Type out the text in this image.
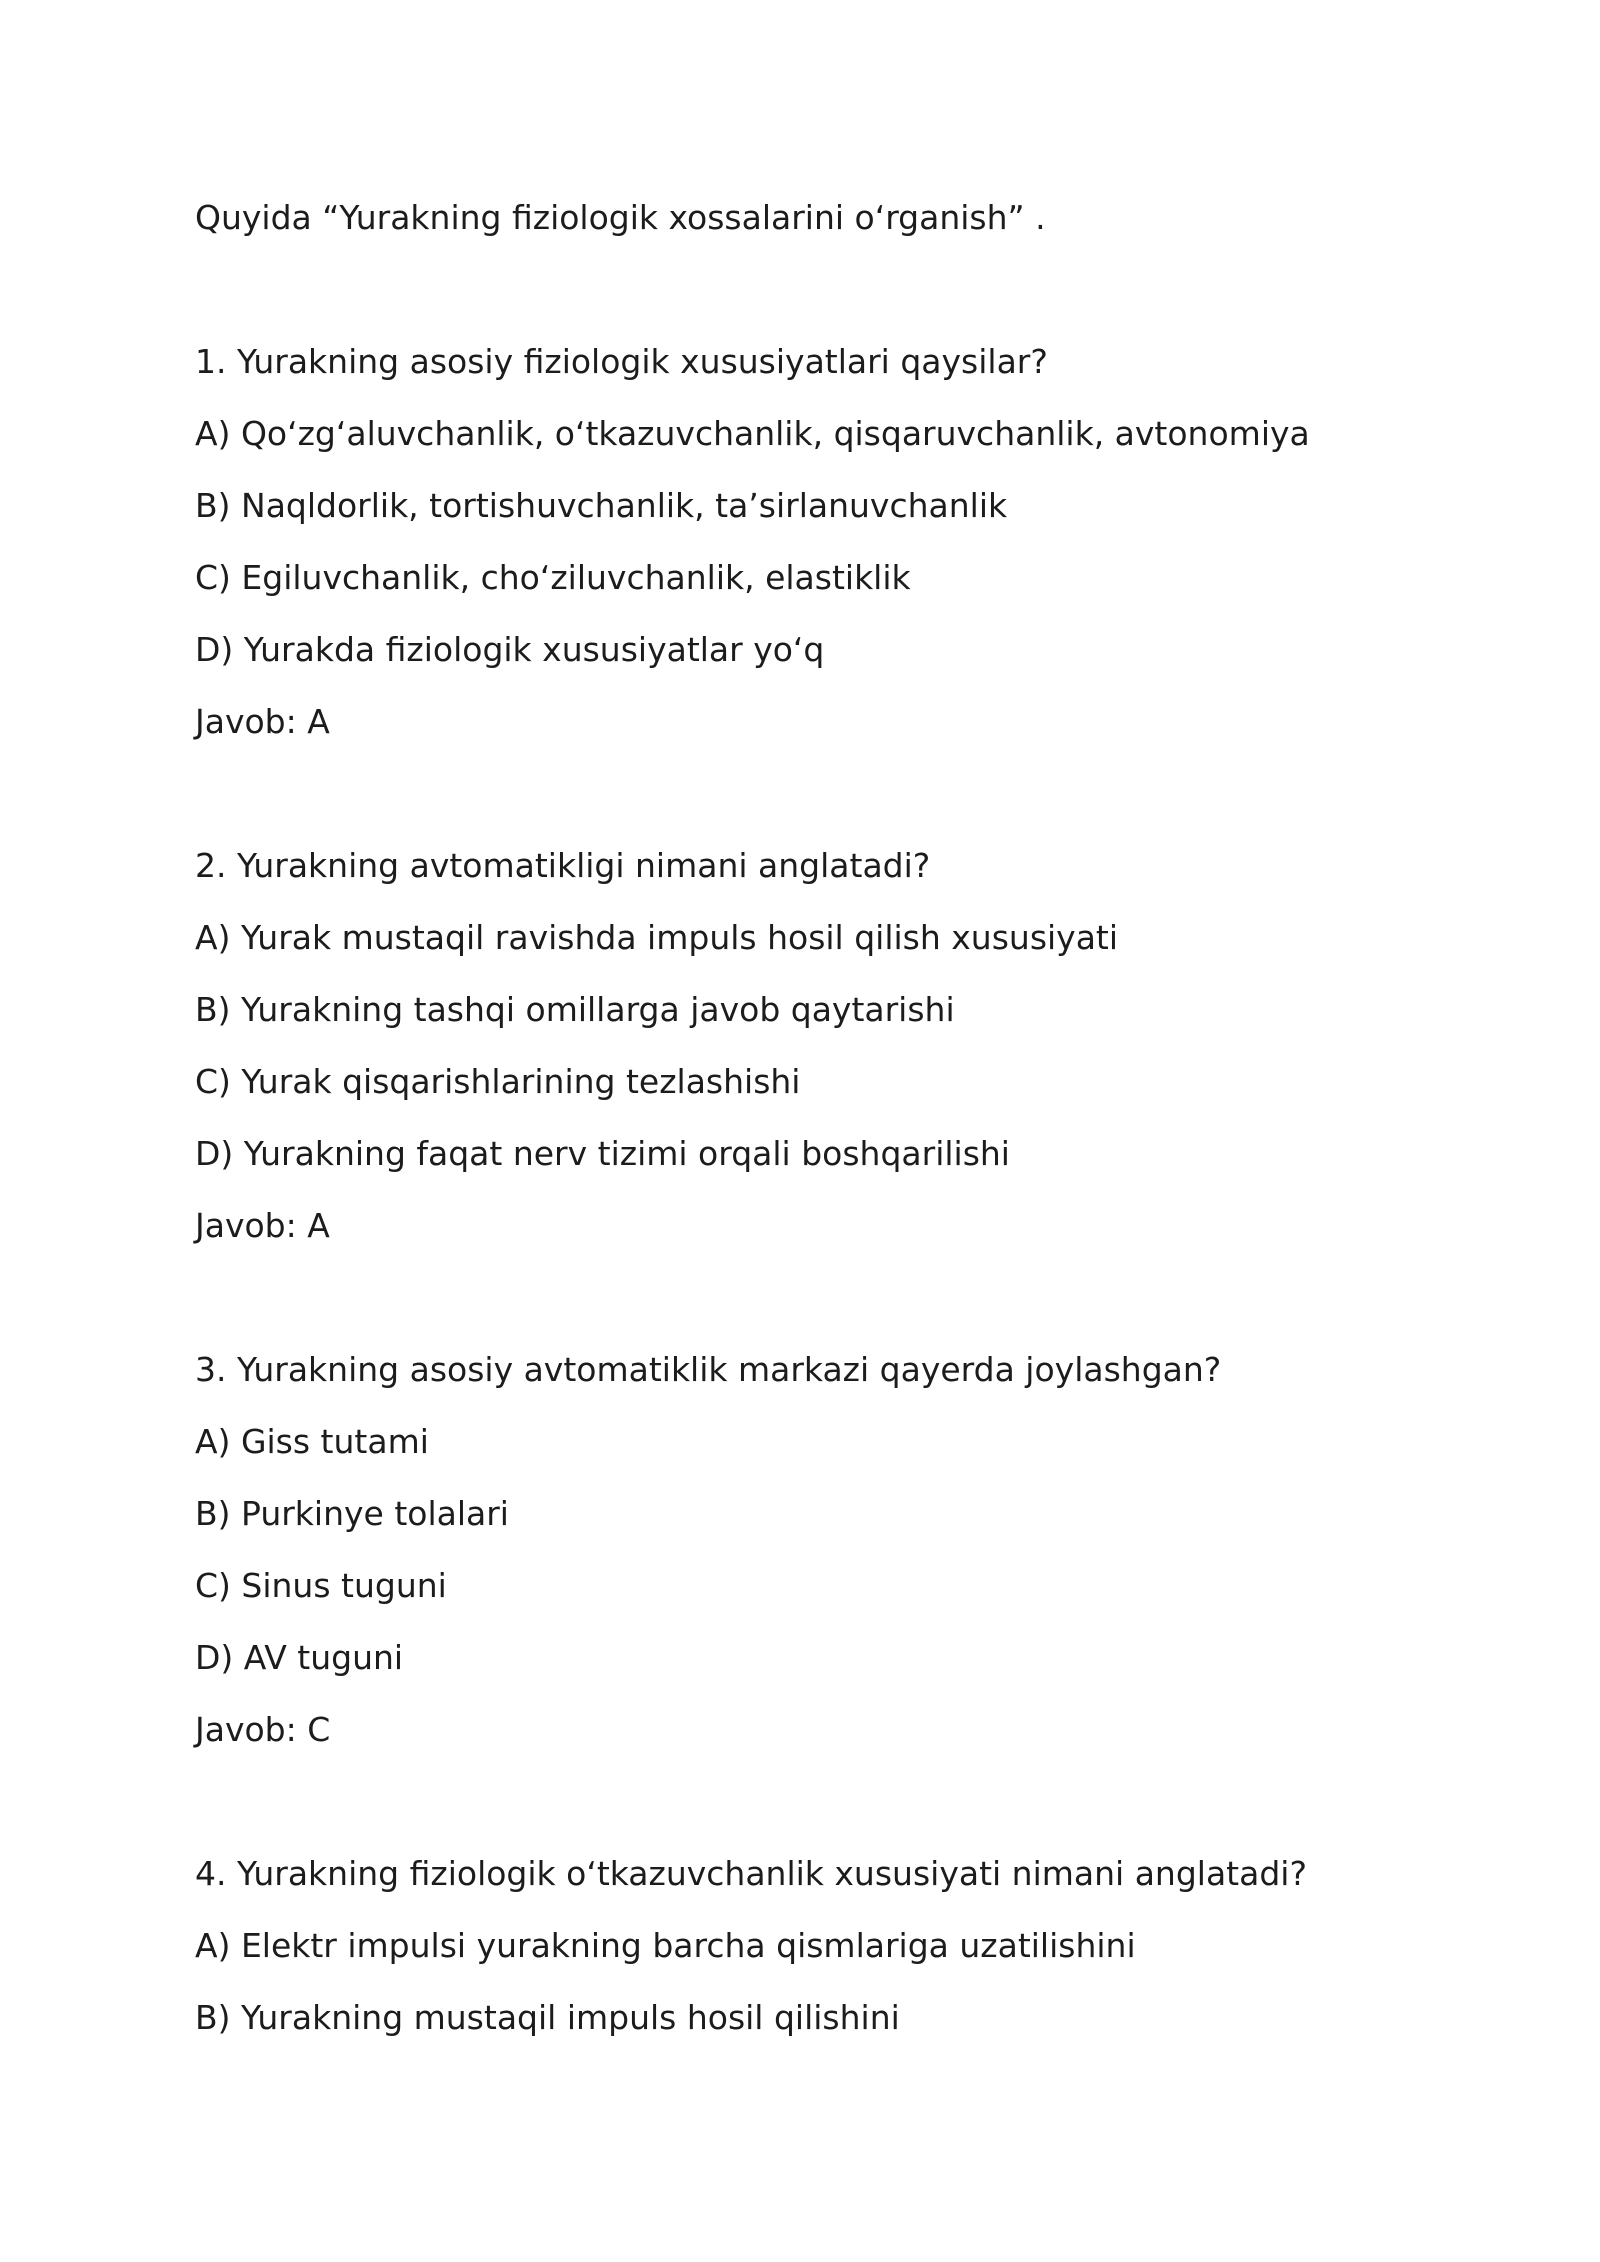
Quyida “Yurakning fiziologik xossalarini o‘rganish” .
1. Yurakning asosiy fiziologik xususiyatlari qaysilar?
A) Qo‘zg‘aluvchanlik, o‘tkazuvchanlik, qisqaruvchanlik, avtonomiya
B) Naqldorlik, tortishuvchanlik, ta’sirlanuvchanlik
C) Egiluvchanlik, cho‘ziluvchanlik, elastiklik
D) Yurakda fiziologik xususiyatlar yo‘q
Javob: A
2. Yurakning avtomatikligi nimani anglatadi?
A) Yurak mustaqil ravishda impuls hosil qilish xususiyati
B) Yurakning tashqi omillarga javob qaytarishi
C) Yurak qisqarishlarining tezlashishi
D) Yurakning faqat nerv tizimi orqali boshqarilishi
Javob: A
3. Yurakning asosiy avtomatiklik markazi qayerda joylashgan?
A) Giss tutami
B) Purkinye tolalari
C) Sinus tuguni
D) AV tuguni
Javob: C
4. Yurakning fiziologik o‘tkazuvchanlik xususiyati nimani anglatadi?
A) Elektr impulsi yurakning barcha qismlariga uzatilishini
B) Yurakning mustaqil impuls hosil qilishini
